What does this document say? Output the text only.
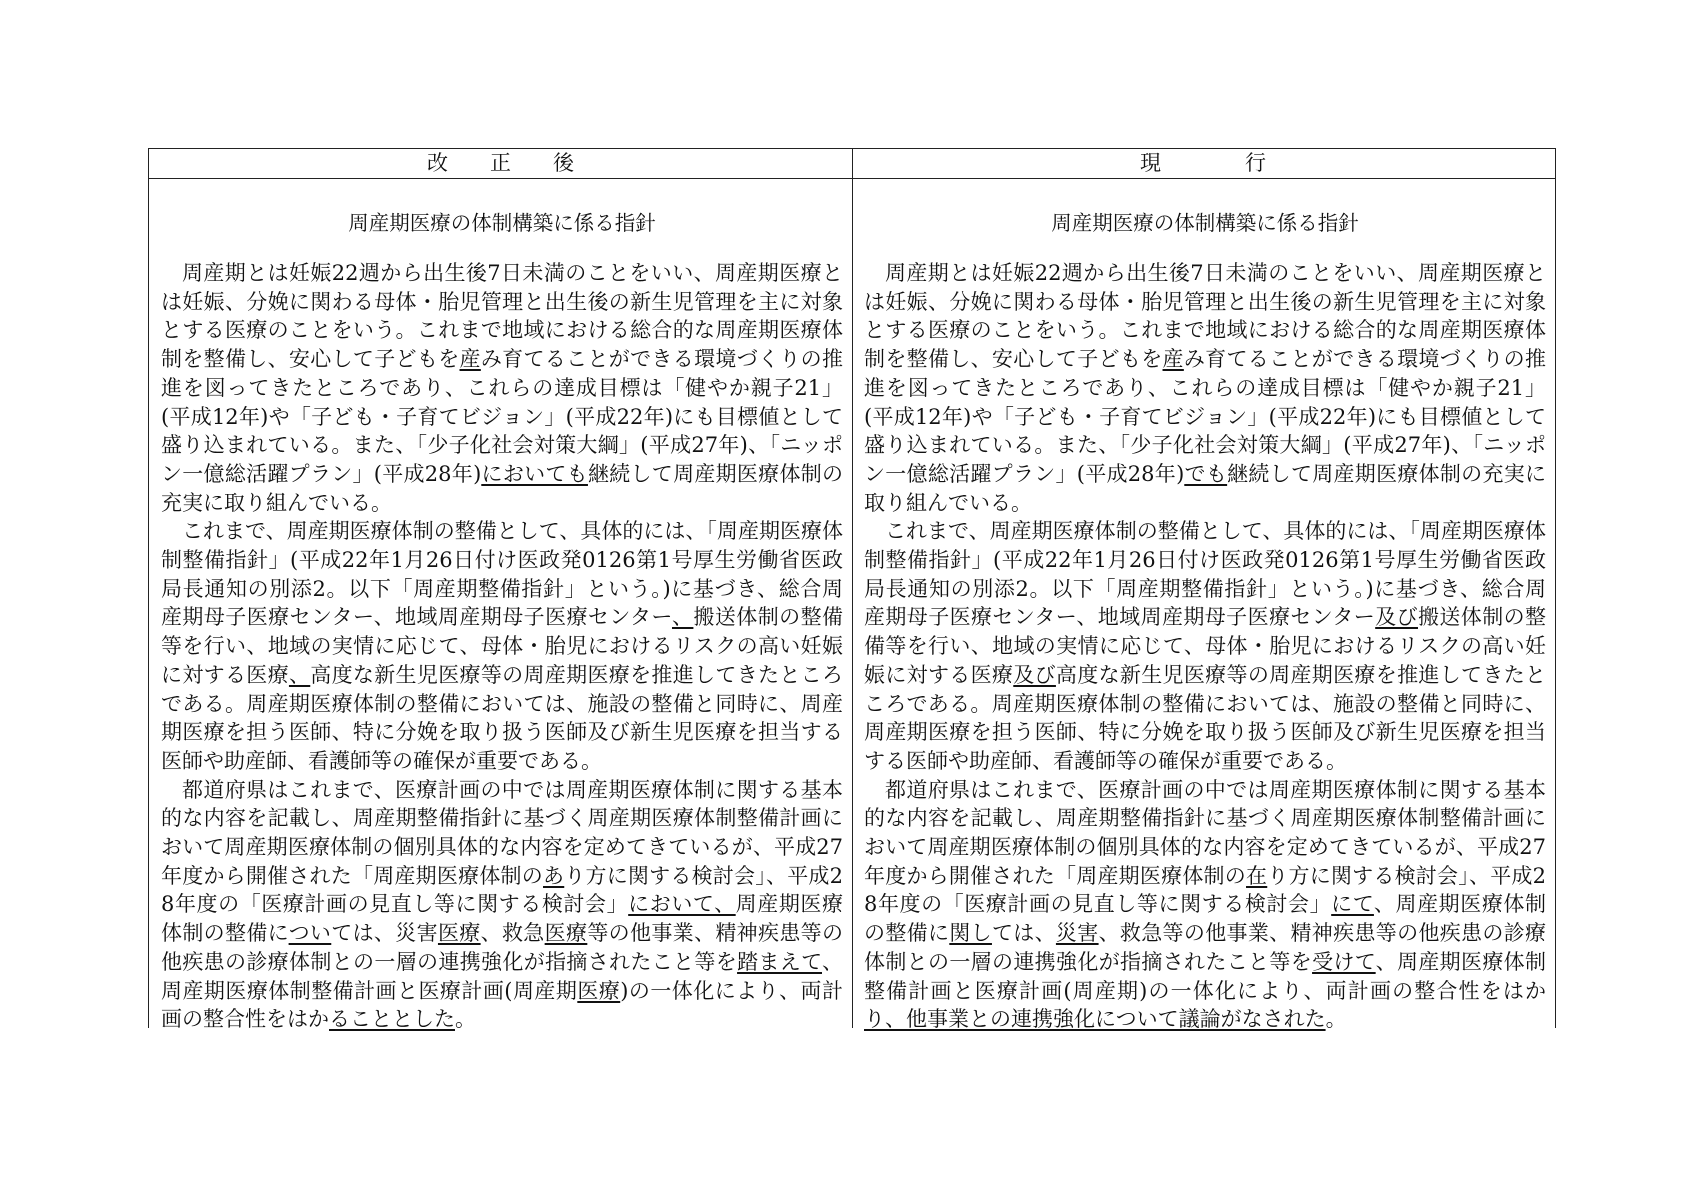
改　　正　　後	現　　　　行
周産期医療の体制構築に係る指針

周産期とは妊娠22週から出生後7日未満のことをいい、周産期医療とは妊娠、分娩に関わる母体・胎児管理と出生後の新生児管理を主に対象とする医療のことをいう。これまで地域における総合的な周産期医療体制を整備し、安心して子どもを産み育てることができる環境づくりの推進を図ってきたところであり、これらの達成目標は「健やか親子21」(平成12年)や「子ども・子育てビジョン」(平成22年)にも目標値として盛り込まれている。また、「少子化社会対策大綱」(平成27年)、「ニッポン一億総活躍プラン」(平成28年)においても継続して周産期医療体制の充実に取り組んでいる。

これまで、周産期医療体制の整備として、具体的には、「周産期医療体制整備指針」(平成22年1月26日付け医政発0126第1号厚生労働省医政局長通知の別添2。以下「周産期整備指針」という。)に基づき、総合周産期母子医療センター、地域周産期母子医療センター、搬送体制の整備等を行い、地域の実情に応じて、母体・胎児におけるリスクの高い妊娠に対する医療、高度な新生児医療等の周産期医療を推進してきたところである。周産期医療体制の整備においては、施設の整備と同時に、周産期医療を担う医師、特に分娩を取り扱う医師及び新生児医療を担当する医師や助産師、看護師等の確保が重要である。

都道府県はこれまで、医療計画の中では周産期医療体制に関する基本的な内容を記載し、周産期整備指針に基づく周産期医療体制整備計画において周産期医療体制の個別具体的な内容を定めてきているが、平成27年度から開催された「周産期医療体制のあり方に関する検討会」、平成28年度の「医療計画の見直し等に関する検討会」において、周産期医療体制の整備については、災害医療、救急医療等の他事業、精神疾患等の他疾患の診療体制との一層の連携強化が指摘されたこと等を踏まえて、周産期医療体制整備計画と医療計画(周産期医療)の一体化により、両計画の整合性をはかることとした。

周産期医療の体制構築に係る指針

周産期とは妊娠22週から出生後7日未満のことをいい、周産期医療とは妊娠、分娩に関わる母体・胎児管理と出生後の新生児管理を主に対象とする医療のことをいう。これまで地域における総合的な周産期医療体制を整備し、安心して子どもを産み育てることができる環境づくりの推進を図ってきたところであり、これらの達成目標は「健やか親子21」(平成12年)や「子ども・子育てビジョン」(平成22年)にも目標値として盛り込まれている。また、「少子化社会対策大綱」(平成27年)、「ニッポン一億総活躍プラン」(平成28年)でも継続して周産期医療体制の充実に取り組んでいる。

これまで、周産期医療体制の整備として、具体的には、「周産期医療体制整備指針」(平成22年1月26日付け医政発0126第1号厚生労働省医政局長通知の別添2。以下「周産期整備指針」という。)に基づき、総合周産期母子医療センター、地域周産期母子医療センター及び搬送体制の整備等を行い、地域の実情に応じて、母体・胎児におけるリスクの高い妊娠に対する医療及び高度な新生児医療等の周産期医療を推進してきたところである。周産期医療体制の整備においては、施設の整備と同時に、周産期医療を担う医師、特に分娩を取り扱う医師及び新生児医療を担当する医師や助産師、看護師等の確保が重要である。

都道府県はこれまで、医療計画の中では周産期医療体制に関する基本的な内容を記載し、周産期整備指針に基づく周産期医療体制整備計画において周産期医療体制の個別具体的な内容を定めてきているが、平成27年度から開催された「周産期医療体制の在り方に関する検討会」、平成28年度の「医療計画の見直し等に関する検討会」にて、周産期医療体制の整備に関しては、災害、救急等の他事業、精神疾患等の他疾患の診療体制との一層の連携強化が指摘されたこと等を受けて、周産期医療体制整備計画と医療計画(周産期)の一体化により、両計画の整合性をはかり、他事業との連携強化について議論がなされた。
